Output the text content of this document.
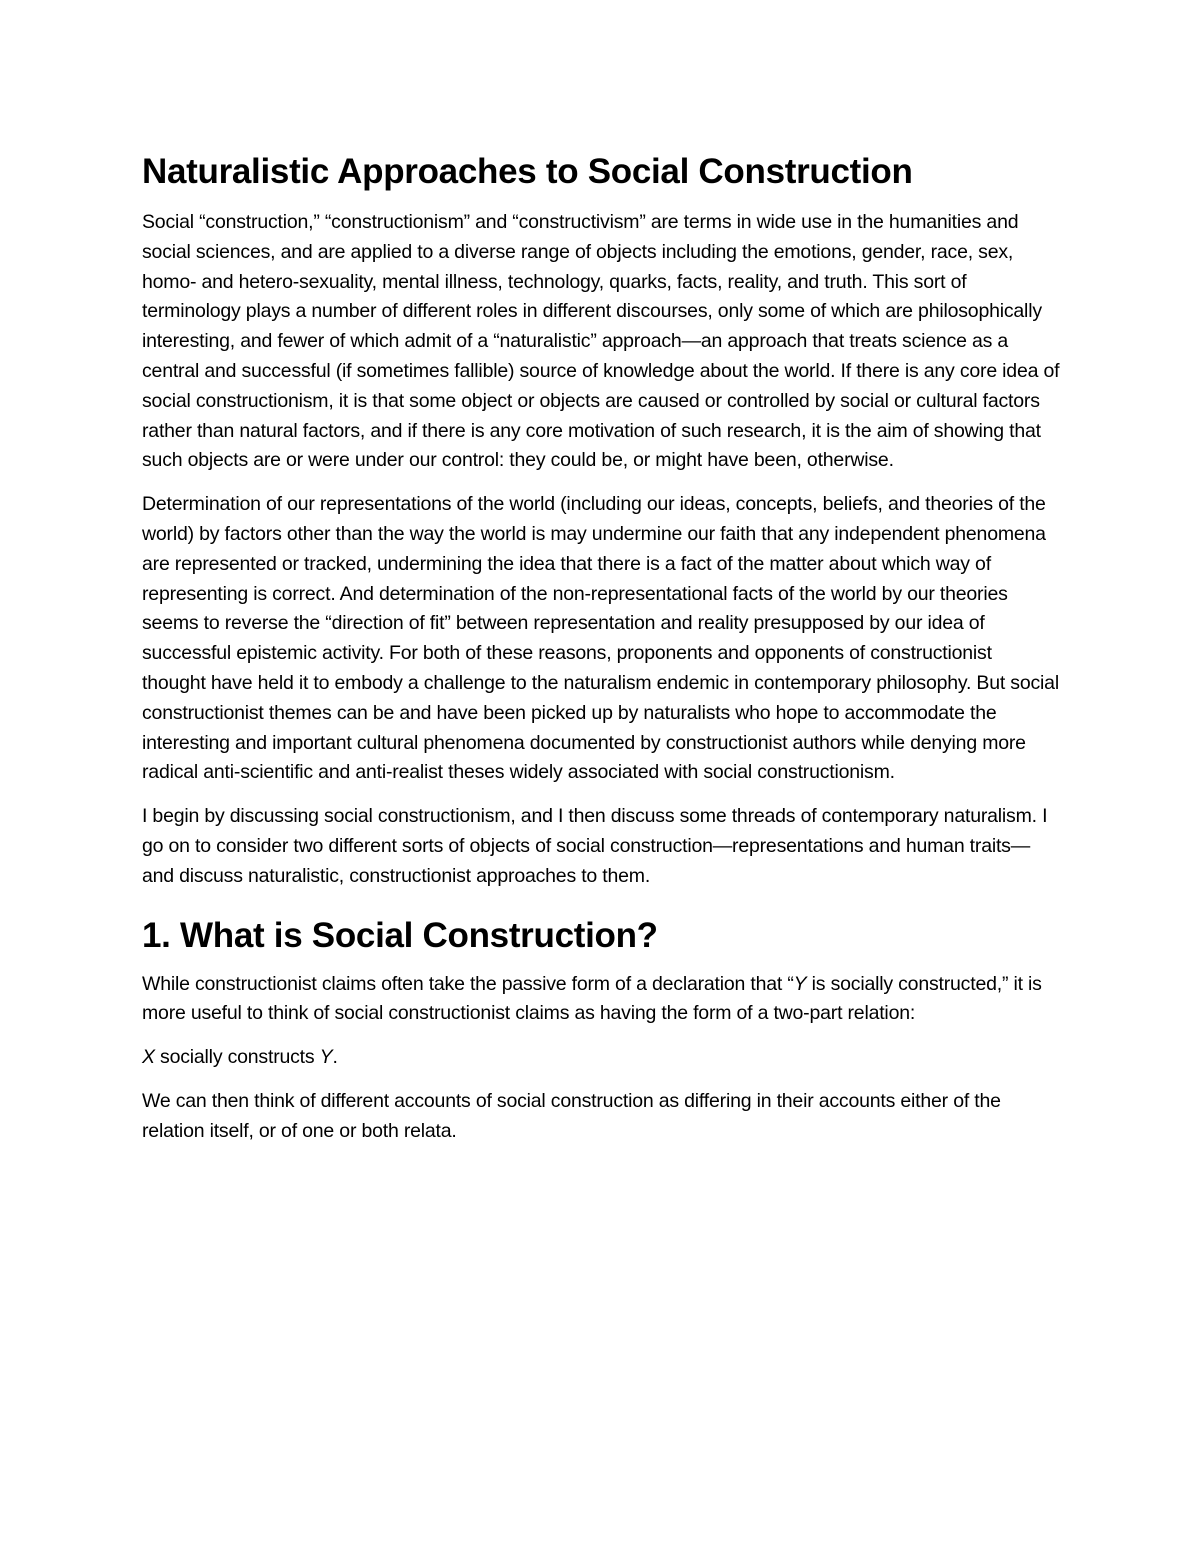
Naturalistic Approaches to Social Construction

Social “construction,” “constructionism” and “constructivism” are terms in wide use in the humanities and social sciences, and are applied to a diverse range of objects including the emotions, gender, race, sex, homo- and hetero-sexuality, mental illness, technology, quarks, facts, reality, and truth. This sort of terminology plays a number of different roles in different discourses, only some of which are philosophically interesting, and fewer of which admit of a “naturalistic” approach—an approach that treats science as a central and successful (if sometimes fallible) source of knowledge about the world. If there is any core idea of social constructionism, it is that some object or objects are caused or controlled by social or cultural factors rather than natural factors, and if there is any core motivation of such research, it is the aim of showing that such objects are or were under our control: they could be, or might have been, otherwise.

Determination of our representations of the world (including our ideas, concepts, beliefs, and theories of the world) by factors other than the way the world is may undermine our faith that any independent phenomena are represented or tracked, undermining the idea that there is a fact of the matter about which way of representing is correct. And determination of the non-representational facts of the world by our theories seems to reverse the “direction of fit” between representation and reality presupposed by our idea of successful epistemic activity. For both of these reasons, proponents and opponents of constructionist thought have held it to embody a challenge to the naturalism endemic in contemporary philosophy. But social constructionist themes can be and have been picked up by naturalists who hope to accommodate the interesting and important cultural phenomena documented by constructionist authors while denying more radical anti-scientific and anti-realist theses widely associated with social constructionism.

I begin by discussing social constructionism, and I then discuss some threads of contemporary naturalism. I go on to consider two different sorts of objects of social construction—representations and human traits—and discuss naturalistic, constructionist approaches to them.

1. What is Social Construction?

While constructionist claims often take the passive form of a declaration that “Y is socially constructed,” it is more useful to think of social constructionist claims as having the form of a two-part relation:

X socially constructs Y.

We can then think of different accounts of social construction as differing in their accounts either of the relation itself, or of one or both relata.
